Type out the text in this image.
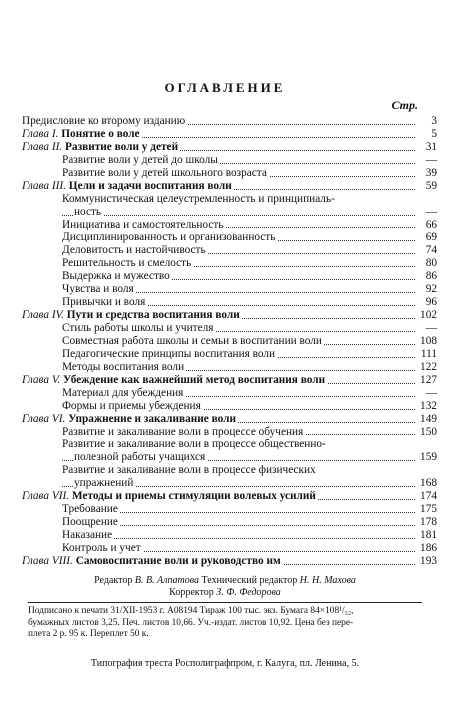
ОГЛАВЛЕНИЕ
Стр.
Предисловие ко второму изданию	3
Глава I. Понятие о воле	5
Глава II. Развитие воли у детей	31
Развитие воли у детей до школы	—
Развитие воли у детей школьного возраста	39
Глава III. Цели и задачи воспитания воли	59
Коммунистическая целеустремленность и принципиаль-
ность	—
Инициатива и самостоятельность	66
Дисциплинированность и организованность	69
Деловитость и настойчивость	74
Решительность и смелость	80
Выдержка и мужество	86
Чувства и воля	92
Привычки и воля	96
Глава IV. Пути и средства воспитания воли	102
Стиль работы школы и учителя	—
Совместная работа школы и семьи в воспитании воли	108
Педагогические принципы воспитания воли	111
Методы воспитания воли	122
Глава V. Убеждение как важнейший метод воспитания воли	127
Материал для убеждения	—
Формы и приемы убеждения	132
Глава VI. Упражнение и закаливание воли	149
Развитие и закаливание воли в процессе обучения	150
Развитие и закаливание воли в процессе общественно-
полезной работы учащихся	159
Развитие и закаливание воли в процессе физических
упражнений	168
Глава VII. Методы и приемы стимуляции волевых усилий	174
Требование	175
Поощрение	178
Наказание	181
Контроль и учет	186
Глава VIII. Самовоспитание воли и руководство им	193
Редактор В. В. Алпатова Технический редактор Н. Н. Махова
Корректор З. Ф. Федорова
Подписано к печати 31/XII-1953 г. А08194 Тираж 100 тыс. экз. Бумага 84×108¹/₃₂,
бумажных листов 3,25. Печ. листов 10,66. Уч.-издат. листов 10,92. Цена без пере-
плета 2 р. 95 к. Переплет 50 к.
Типография треста Росполиграфпром, г. Калуга, пл. Ленина, 5.
